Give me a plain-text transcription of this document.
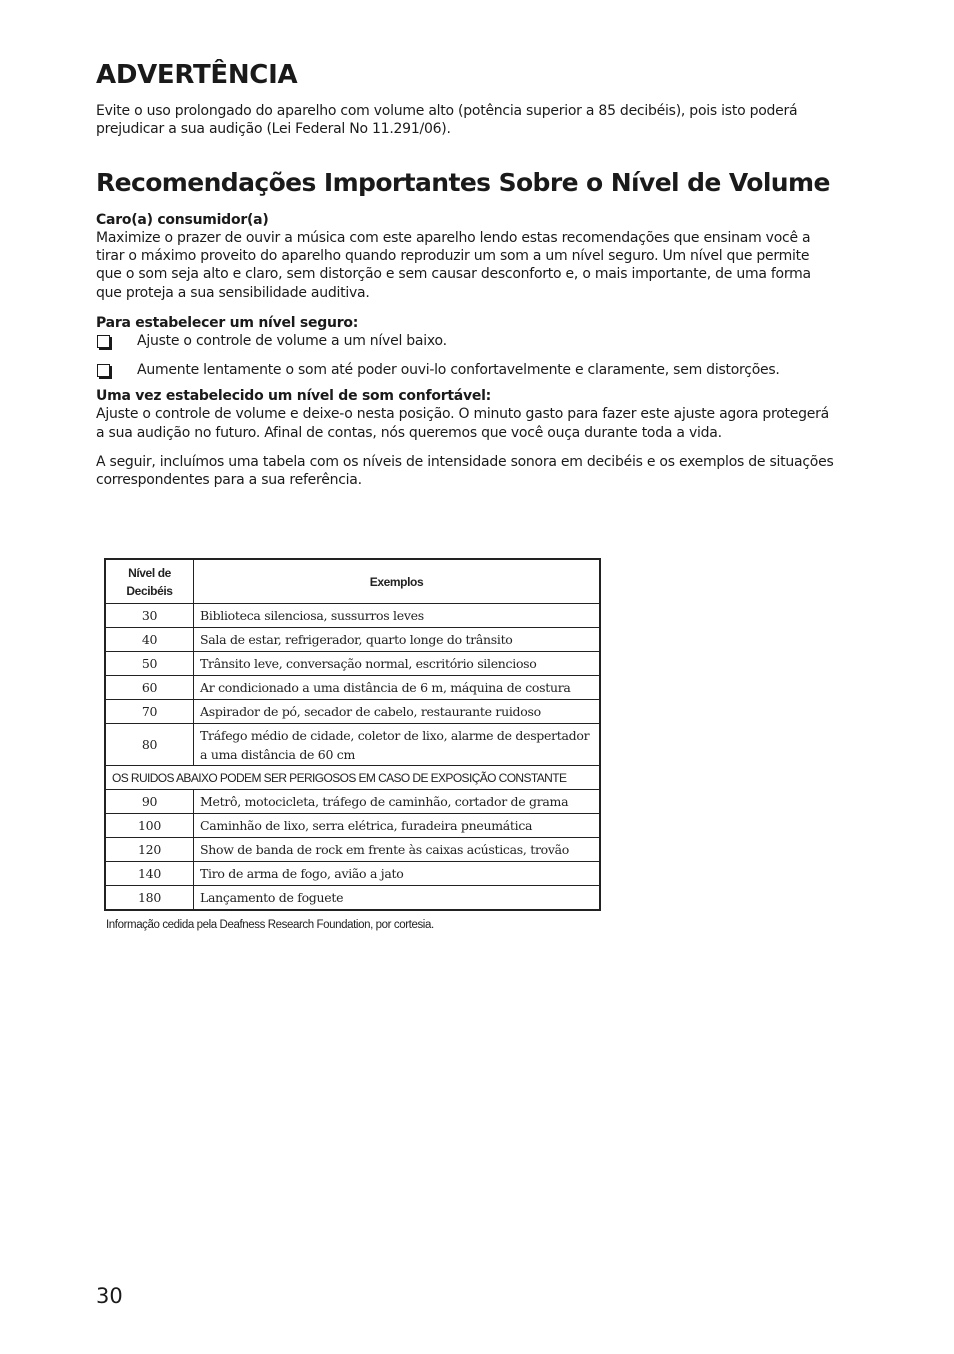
ADVERTÊNCIA

Evite o uso prolongado do aparelho com volume alto (potência superior a 85 decibéis), pois isto poderá prejudicar a sua audição (Lei Federal No 11.291/06).

Recomendações Importantes Sobre o Nível de Volume

Caro(a) consumidor(a)

Maximize o prazer de ouvir a música com este aparelho lendo estas recomendações que ensinam você a tirar o máximo proveito do aparelho quando reproduzir um som a um nível seguro. Um nível que permite que o som seja alto e claro, sem distorção e sem causar desconforto e, o mais importante, de uma forma que proteja a sua sensibilidade auditiva.

Para estabelecer um nível seguro:

Ajuste o controle de volume a um nível baixo.
Aumente lentamente o som até poder ouvi-lo confortavelmente e claramente, sem distorções.

Uma vez estabelecido um nível de som confortável:

Ajuste o controle de volume e deixe-o nesta posição. O minuto gasto para fazer este ajuste agora protegerá a sua audição no futuro. Afinal de contas, nós queremos que você ouça durante toda a vida.

A seguir, incluímos uma tabela com os níveis de intensidade sonora em decibéis e os exemplos de situações correspondentes para a sua referência.

Nível de
Decibéis	Exemplos
30	Biblioteca silenciosa, sussurros leves
40	Sala de estar, refrigerador, quarto longe do trânsito
50	Trânsito leve, conversação normal, escritório silencioso
60	Ar condicionado a uma distância de 6 m, máquina de costura
70	Aspirador de pó, secador de cabelo, restaurante ruidoso
80	Tráfego médio de cidade, coletor de lixo, alarme de despertador a uma distância de 60 cm
OS RUIDOS ABAIXO PODEM SER PERIGOSOS EM CASO DE EXPOSIÇÃO CONSTANTE	
90	Metrô, motocicleta, tráfego de caminhão, cortador de grama
100	Caminhão de lixo, serra elétrica, furadeira pneumática
120	Show de banda de rock em frente às caixas acústicas, trovão
140	Tiro de arma de fogo, avião a jato
180	Lançamento de foguete
Informação cedida pela Deafness Research Foundation, por cortesia.
30
